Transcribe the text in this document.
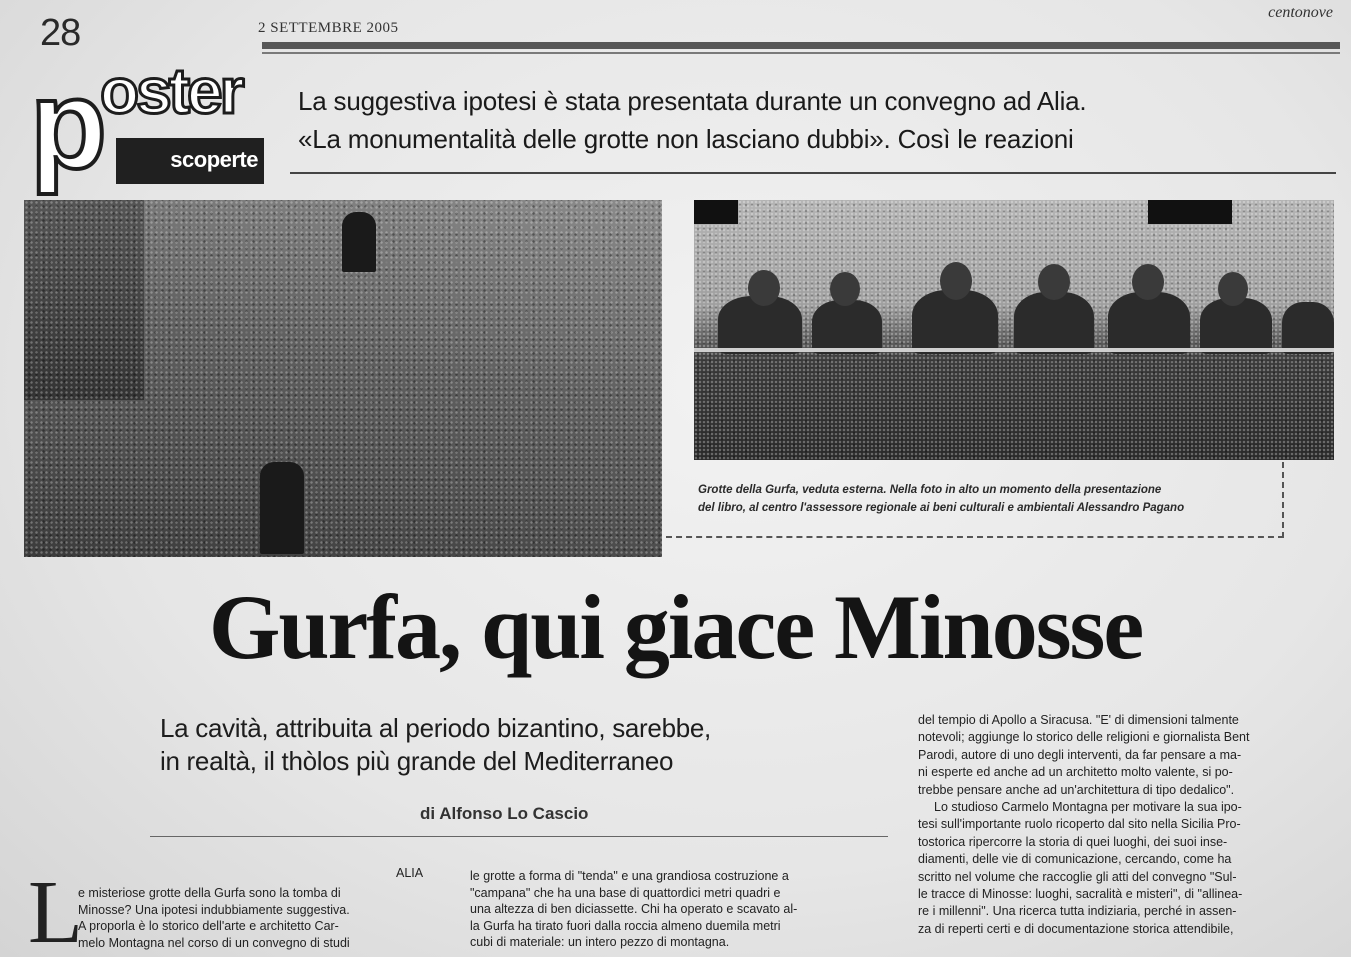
28	2 SETTEMBRE 2005
centonove
p
oster
scoperte
La suggestiva ipotesi è stata presentata durante un convegno ad Alia.
«La monumentalità delle grotte non lasciano dubbi». Così le reazioni
Grotte della Gurfa, veduta esterna. Nella foto in alto un momento della presentazione
del libro, al centro l'assessore regionale ai beni culturali e ambientali Alessandro Pagano
Gurfa, qui giace Minosse
La cavità, attribuita al periodo bizantino, sarebbe,
in realtà, il thòlos più grande del Mediterraneo
di Alfonso Lo Cascio
L	ALIA
e misteriose grotte della Gurfa sono la tomba di
Minosse? Una ipotesi indubbiamente suggestiva.
A proporla è lo storico dell'arte e architetto Car-
melo Montagna nel corso di un convegno di studi
le grotte a forma di "tenda" e una grandiosa costruzione a
"campana" che ha una base di quattordici metri quadri e
una altezza di ben diciassette. Chi ha operato e scavato al-
la Gurfa ha tirato fuori dalla roccia almeno duemila metri
cubi di materiale: un intero pezzo di montagna.
del tempio di Apollo a Siracusa. "E' di dimensioni talmente
notevoli; aggiunge lo storico delle religioni e giornalista Bent
Parodi, autore di uno degli interventi, da far pensare a ma-
ni esperte ed anche ad un architetto molto valente, si po-
trebbe pensare anche ad un'architettura di tipo dedalico".
Lo studioso Carmelo Montagna per motivare la sua ipo-
tesi sull'importante ruolo ricoperto dal sito nella Sicilia Pro-
tostorica ripercorre la storia di quei luoghi, dei suoi inse-
diamenti, delle vie di comunicazione, cercando, come ha
scritto nel volume che raccoglie gli atti del convegno "Sul-
le tracce di Minosse: luoghi, sacralità e misteri", di "allinea-
re i millenni". Una ricerca tutta indiziaria, perché in assen-
za di reperti certi e di documentazione storica attendibile,
